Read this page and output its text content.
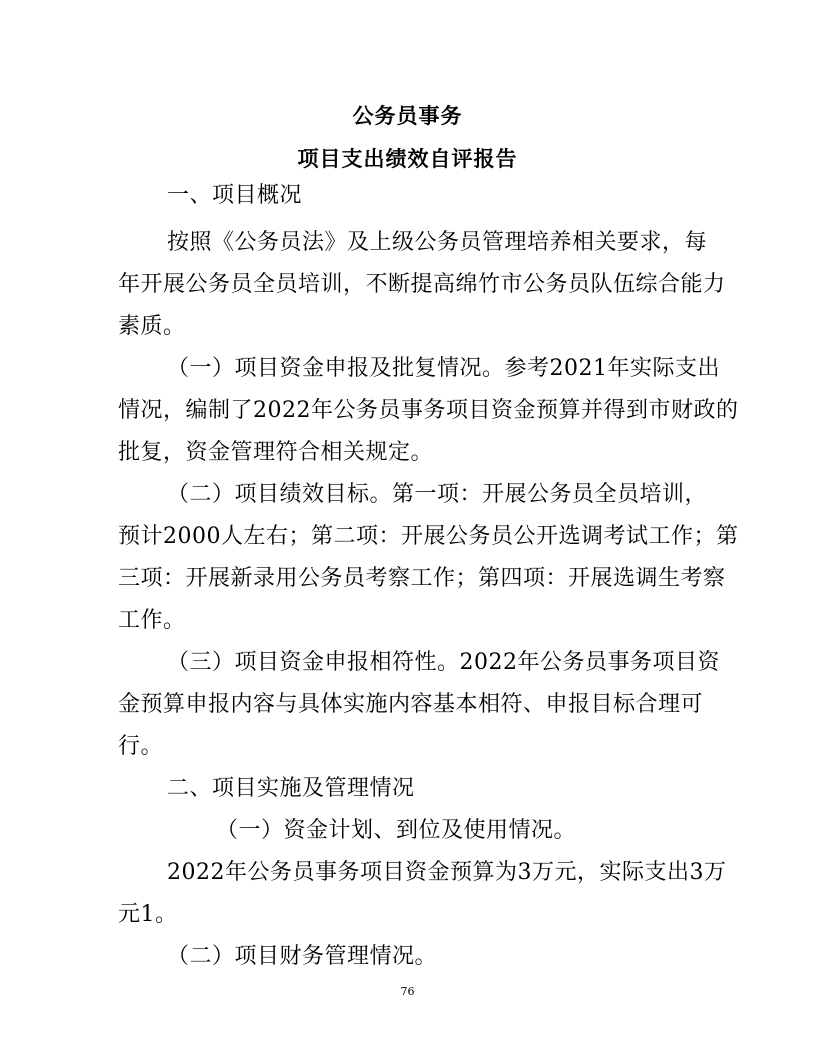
公务员事务
项目支出绩效自评报告
一、项目概况
按照《公务员法》及上级公务员管理培养相关要求，每
年开展公务员全员培训，不断提高绵竹市公务员队伍综合能力
素质。
（一）项目资金申报及批复情况。参考2021年实际支出
情况，编制了2022年公务员事务项目资金预算并得到市财政的
批复，资金管理符合相关规定。
（二）项目绩效目标。第一项：开展公务员全员培训，
预计2000人左右；第二项：开展公务员公开选调考试工作；第
三项：开展新录用公务员考察工作；第四项：开展选调生考察
工作。
（三）项目资金申报相符性。2022年公务员事务项目资
金预算申报内容与具体实施内容基本相符、申报目标合理可
行。
二、项目实施及管理情况
（一）资金计划、到位及使用情况。
2022年公务员事务项目资金预算为3万元，实际支出3万
元1。
（二）项目财务管理情况。
76
